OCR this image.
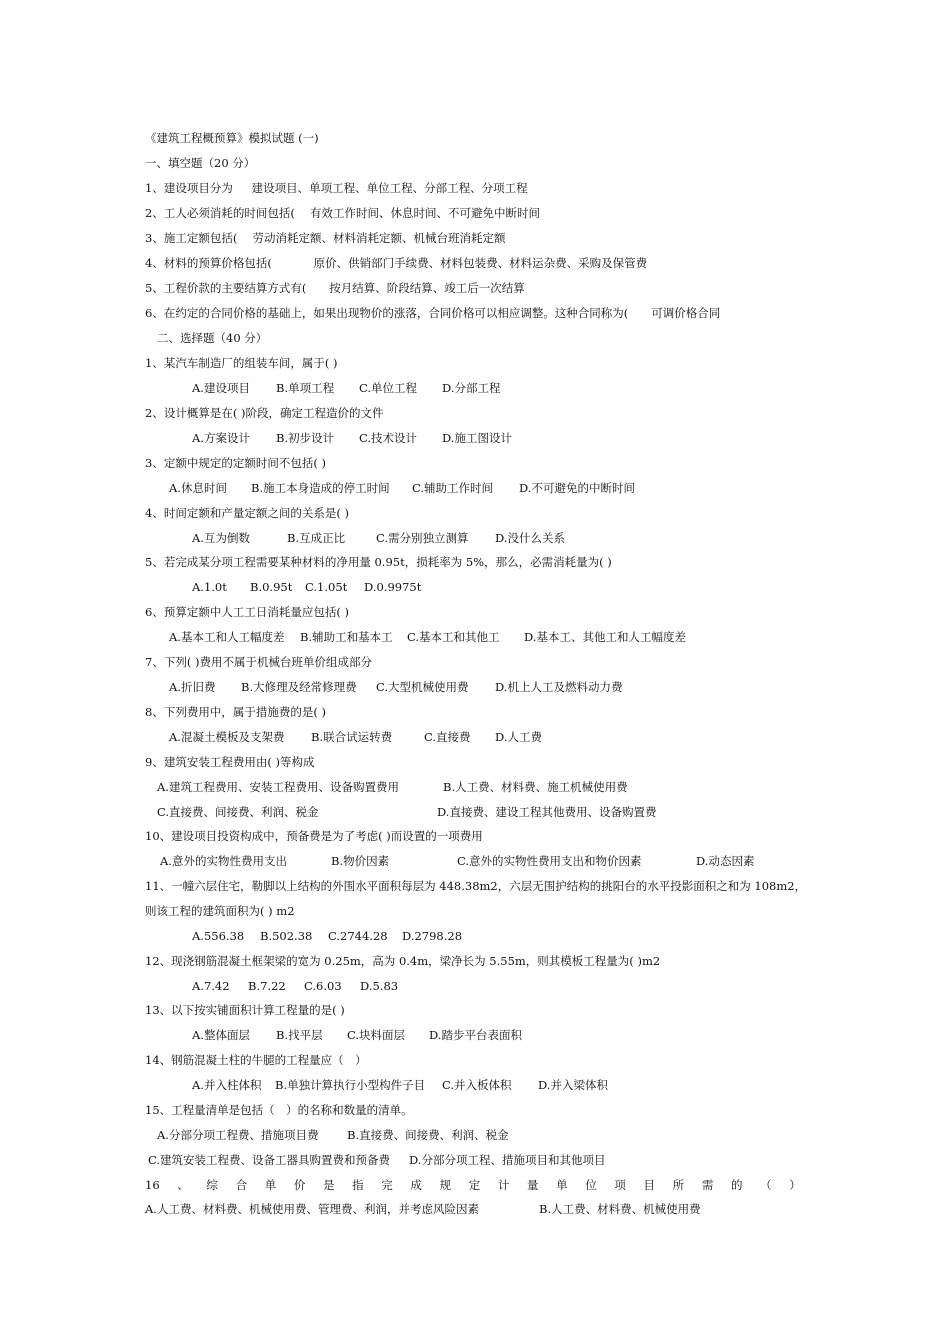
《建筑工程概预算》模拟试题 (一)
一、填空题（20 分）
1、建设项目分为　  建设项目、单项工程、单位工程、分部工程、分项工程
2、工人必须消耗的时间包括(　 有效工作时间、休息时间、不可避免中断时间
3、施工定额包括(　 劳动消耗定额、材料消耗定额、机械台班消耗定额
4、材料的预算价格包括(　　　  原价、供销部门手续费、材料包装费、材料运杂费、采购及保管费
5、工程价款的主要结算方式有(　　按月结算、阶段结算、竣工后一次结算
6、在约定的合同价格的基础上，如果出现物价的涨落，合同价格可以相应调整。这种合同称为(　　可调价格合同
二、选择题（40 分）
1、某汽车制造厂的组装车间，属于( )
A.建设项目 B.单项工程 C.单位工程 D.分部工程
2、设计概算是在( )阶段，确定工程造价的文件
A.方案设计 B.初步设计 C.技术设计 D.施工图设计
3、定额中规定的定额时间不包括( )
A.休息时间 B.施工本身造成的停工时间 C.辅助工作时间 D.不可避免的中断时间
4、时间定额和产量定额之间的关系是( )
A.互为倒数	B.互成正比	C.需分别独立测算 D.没什么关系
5、若完成某分项工程需要某种材料的净用量 0.95t，损耗率为 5%，那么，必需消耗量为( )
A.1.0t B.0.95t C.1.05t D.0.9975t
6、预算定额中人工工日消耗量应包括( )
A.基本工和人工幅度差 B.辅助工和基本工 C.基本工和其他工 D.基本工、其他工和人工幅度差
7、下列( )费用不属于机械台班单价组成部分
A.折旧费 B.大修理及经常修理费 C.大型机械使用费 D.机上人工及燃料动力费
8、下列费用中，属于措施费的是( )
A.混凝土模板及支架费 B.联合试运转费	C.直接费 D.人工费
9、建筑安装工程费用由( )等构成
A.建筑工程费用、安装工程费用、设备购置费用	B.人工费、材料费、施工机械使用费
C.直接费、间接费、利润、税金	D.直接费、建设工程其他费用、设备购置费
10、建设项目投资构成中，预备费是为了考虑( )而设置的一项费用
A.意外的实物性费用支出	B.物价因素	C.意外的实物性费用支出和物价因素	D.动态因素
11、一幢六层住宅，勒脚以上结构的外围水平面积每层为 448.38m2，六层无围护结构的挑阳台的水平投影面积之和为 108m2，
则该工程的建筑面积为( ) m2
A.556.38 B.502.38 C.2744.28 D.2798.28
12、现浇钢筋混凝土框架梁的宽为 0.25m，高为 0.4m，梁净长为 5.55m，则其模板工程量为( )m2
A.7.42 B.7.22 C.6.03 D.5.83
13、以下按实铺面积计算工程量的是( )
A.整体面层 B.找平层 C.块料面层 D.踏步平台表面积
14、钢筋混凝土柱的牛腿的工程量应（　）
A.并入柱体积 B.单独计算执行小型构件子目 C.并入板体积 D.并入梁体积
15、工程量清单是包括（　）的名称和数量的清单。
A.分部分项工程费、措施项目费 B.直接费、间接费、利润、税金
C.建筑安装工程费、设备工器具购置费和预备费 D.分部分项工程、措施项目和其他项目
16 、 综 合 单 价 是 指 完 成 规 定 计 量 单 位 项 目 所 需 的 （ ）
A.人工费、材料费、机械使用费、管理费、利润，并考虑风险因素	B.人工费、材料费、机械使用费
